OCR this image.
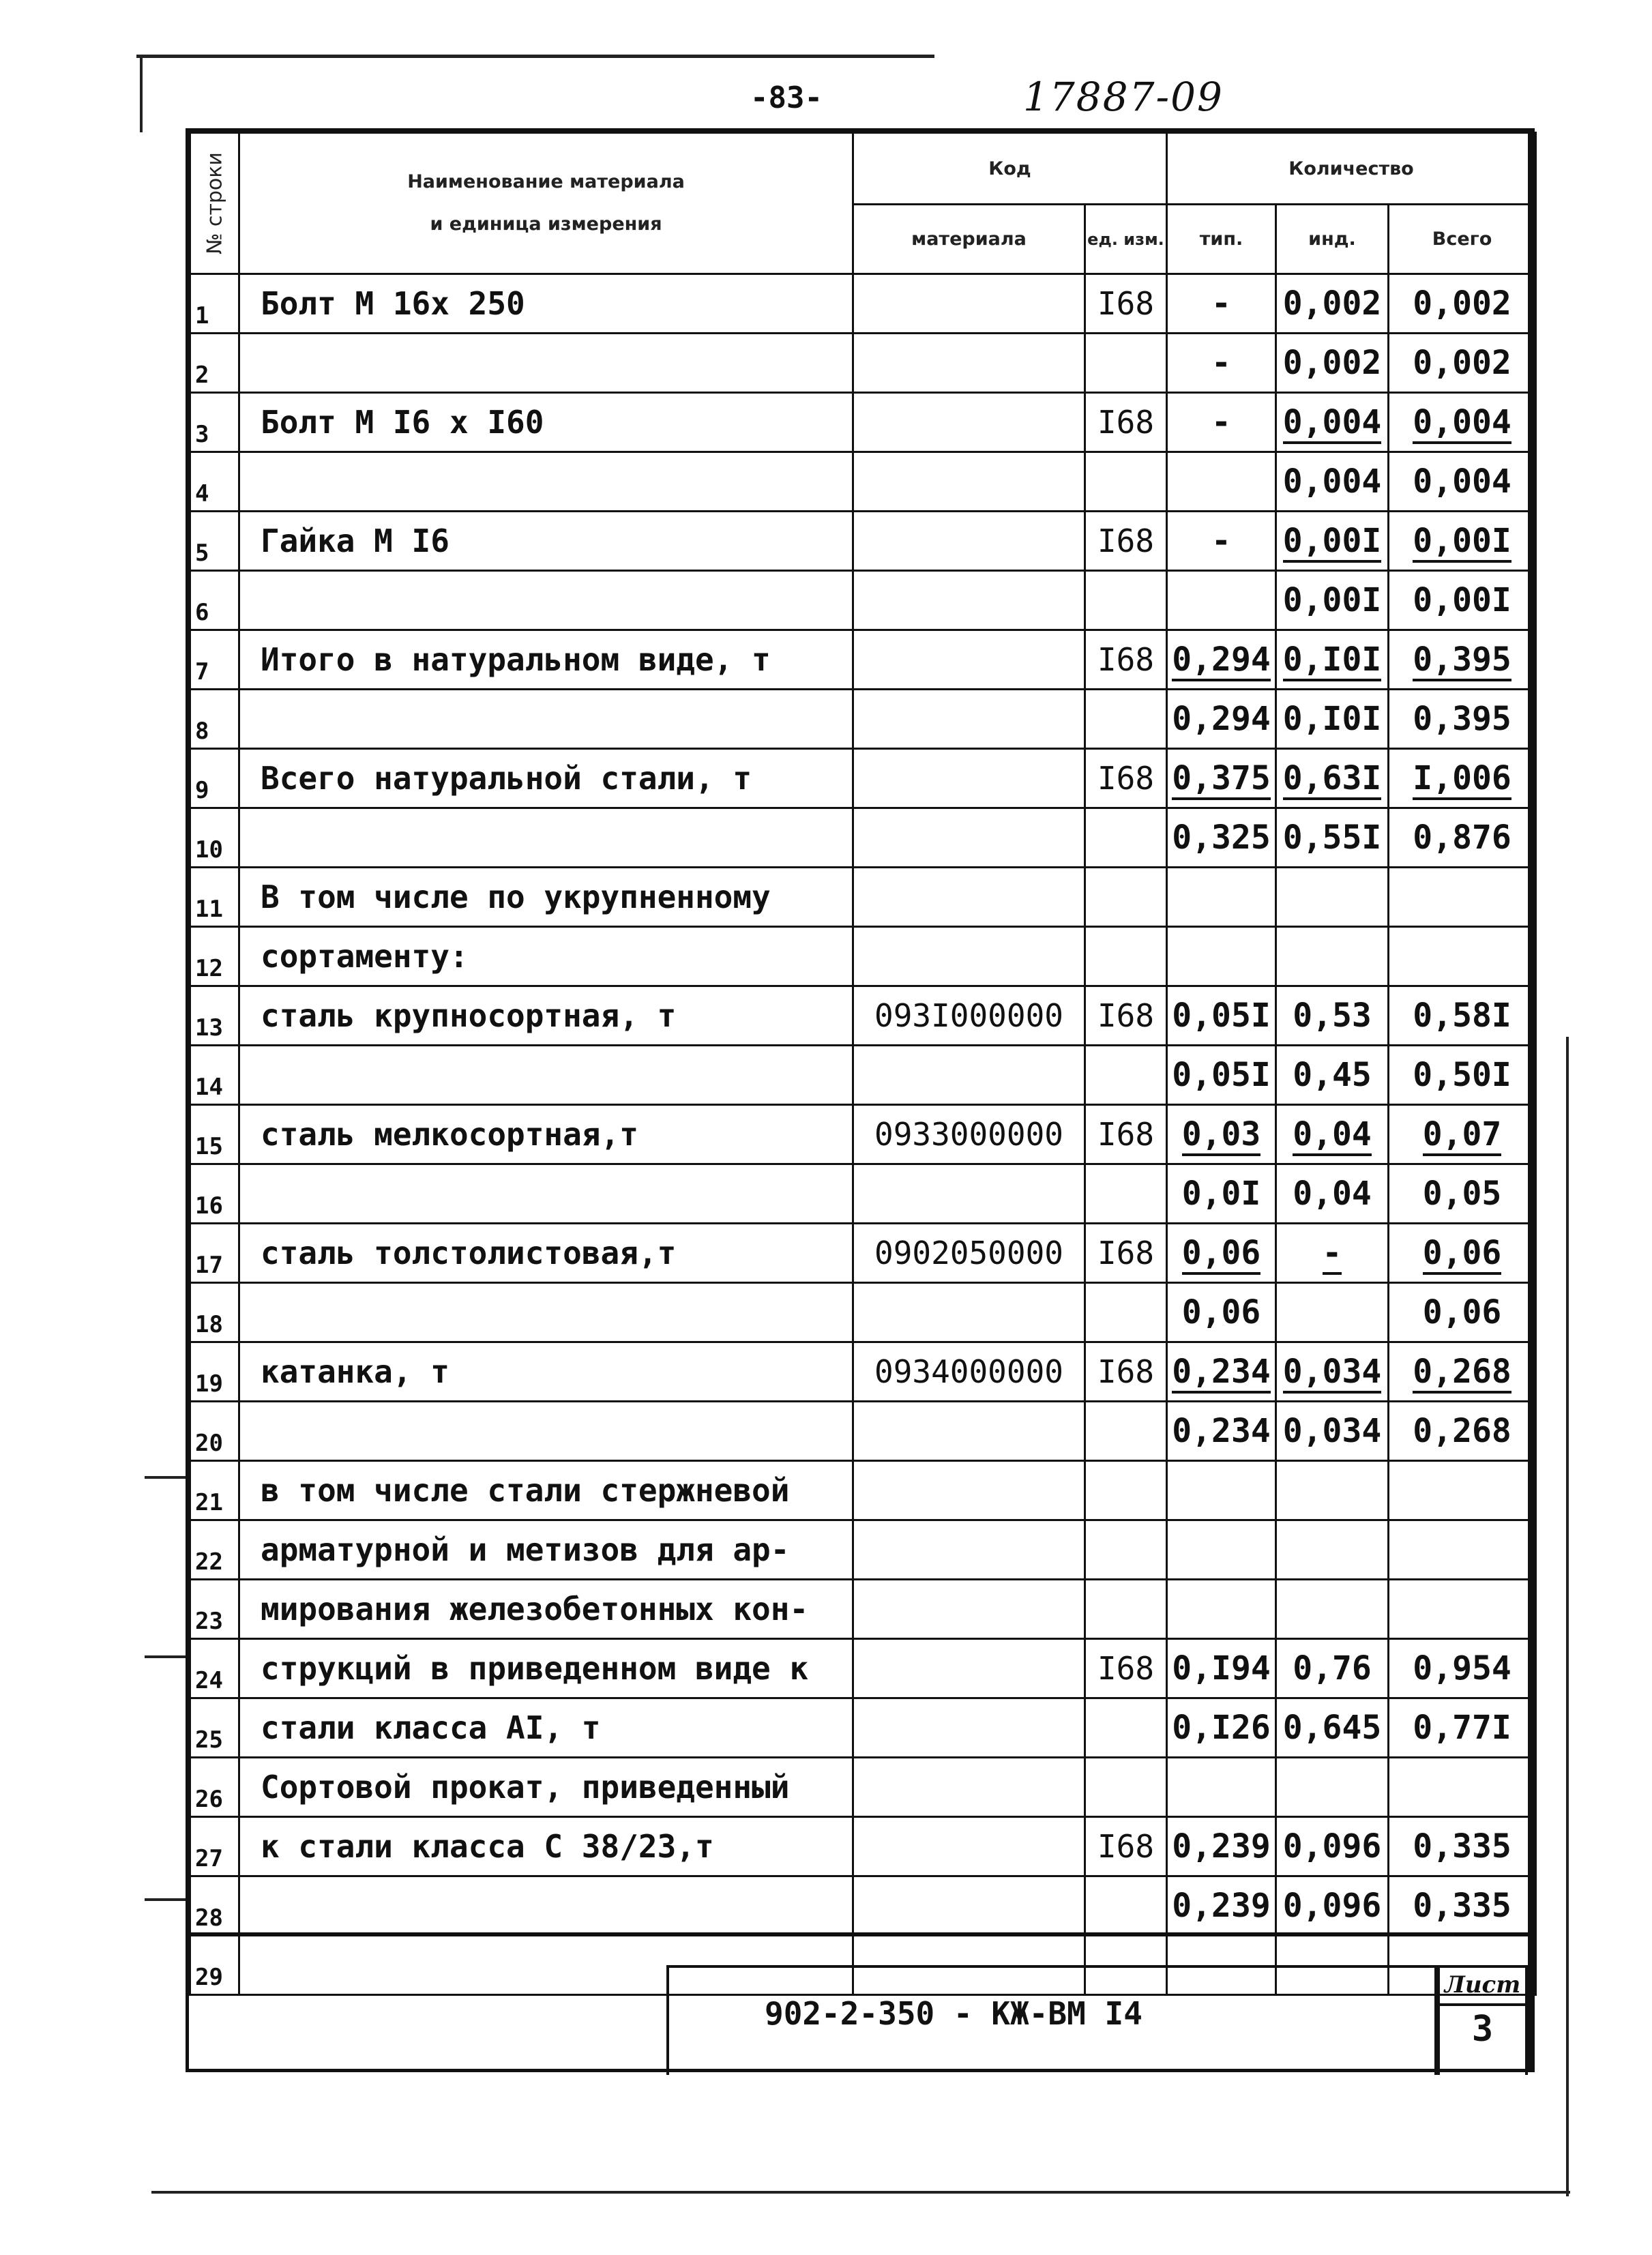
-83-	17887-09
№ строки	Наименование материала
и единица измерения	Код		Количество		
		материала	ед. изм.	тип.	инд.	Всего
1	Болт М 16х 250		I68	-	0,002	0,002
2				-	0,002	0,002
3	Болт М I6 х I60		I68	-	0,004	0,004
4					0,004	0,004
5	Гайка М I6		I68	-	0,00I	0,00I
6					0,00I	0,00I
7	Итого в натуральном виде, т		I68	0,294	0,I0I	0,395
8				0,294	0,I0I	0,395
9	Всего натуральной стали, т		I68	0,375	0,63I	I,006
10				0,325	0,55I	0,876
11	В том числе по укрупненному					
12	сортаменту:					
13	сталь крупносортная, т	093I000000	I68	0,05I	0,53	0,58I
14				0,05I	0,45	0,50I
15	сталь мелкосортная,т	0933000000	I68	0,03	0,04	0,07
16				0,0I	0,04	0,05
17	сталь толстолистовая,т	0902050000	I68	0,06	-	0,06
18				0,06		0,06
19	катанка, т	0934000000	I68	0,234	0,034	0,268
20				0,234	0,034	0,268
21	в том числе стали стержневой					
22	арматурной и метизов для ар-					
23	мирования железобетонных кон-					
24	струкций в приведенном виде к		I68	0,I94	0,76	0,954
25	стали класса АI, т			0,I26	0,645	0,77I
26	Сортовой прокат, приведенный					
27	к стали класса С 38/23,т		I68	0,239	0,096	0,335
28				0,239	0,096	0,335
29						
902-2-350 - КЖ-ВМ I4
Лист
3
